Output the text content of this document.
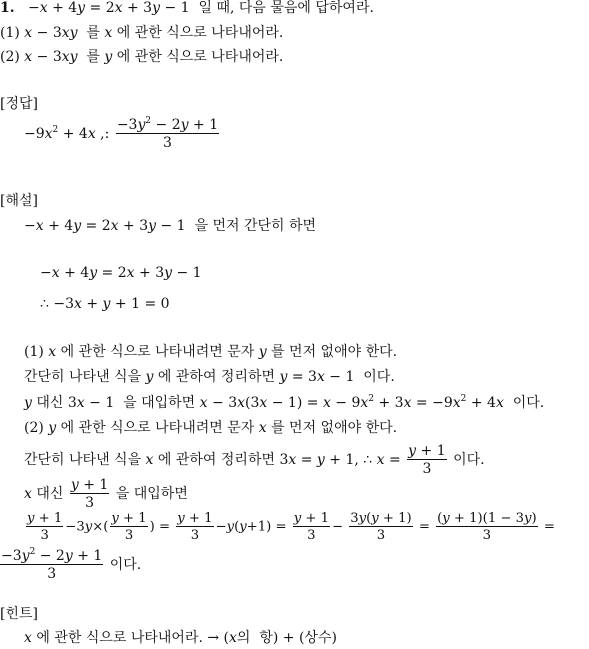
1. −x + 4y = 2x + 3y − 1  일 때, 다음 물음에 답하여라.
(1) x − 3xy  를 x 에 관한 식으로 나타내어라.
(2) x − 3xy  를 y 에 관한 식으로 나타내어라.
[정답]
$-9x^2 + 4x$ ,: $\frac{-3y^2 - 2y + 1}{3}$
[해설]
−x + 4y = 2x + 3y − 1  을 먼저 간단히 하면
−x + 4y = 2x + 3y − 1
∴ −3x + y + 1 = 0
(1) x 에 관한 식으로 나타내려면 문자 y 를 먼저 없애야 한다.
간단히 나타낸 식을 y 에 관하여 정리하면 y = 3x − 1  이다.
y 대신 3x − 1  을 대입하면 $x - 3x(3x - 1) = x - 9x^2 + 3x = -9x^2 + 4x$  이다.
(2) y 에 관한 식으로 나타내려면 문자 x 를 먼저 없애야 한다.
간단히 나타낸 식을 x 에 관하여 정리하면 3x = y + 1, ∴ $x = \frac{y + 1}{3}$ 이다.
x 대신 $\frac{y + 1}{3}$ 을 대입하면
$\frac{y + 1}{3} -3y\times( \frac{y + 1}{3}$ ) = $\frac{y + 1}{3} -y(y+1) = \frac{y + 1}{3} - \frac{3y(y + 1)}{3} = \frac{(y + 1)(1 - 3y)}{3}$ =
$\frac{-3y^2 - 2y + 1}{3}$ 이다.
[힌트]
x 에 관한 식으로 나타내어라. → (x의  항) + (상수)
